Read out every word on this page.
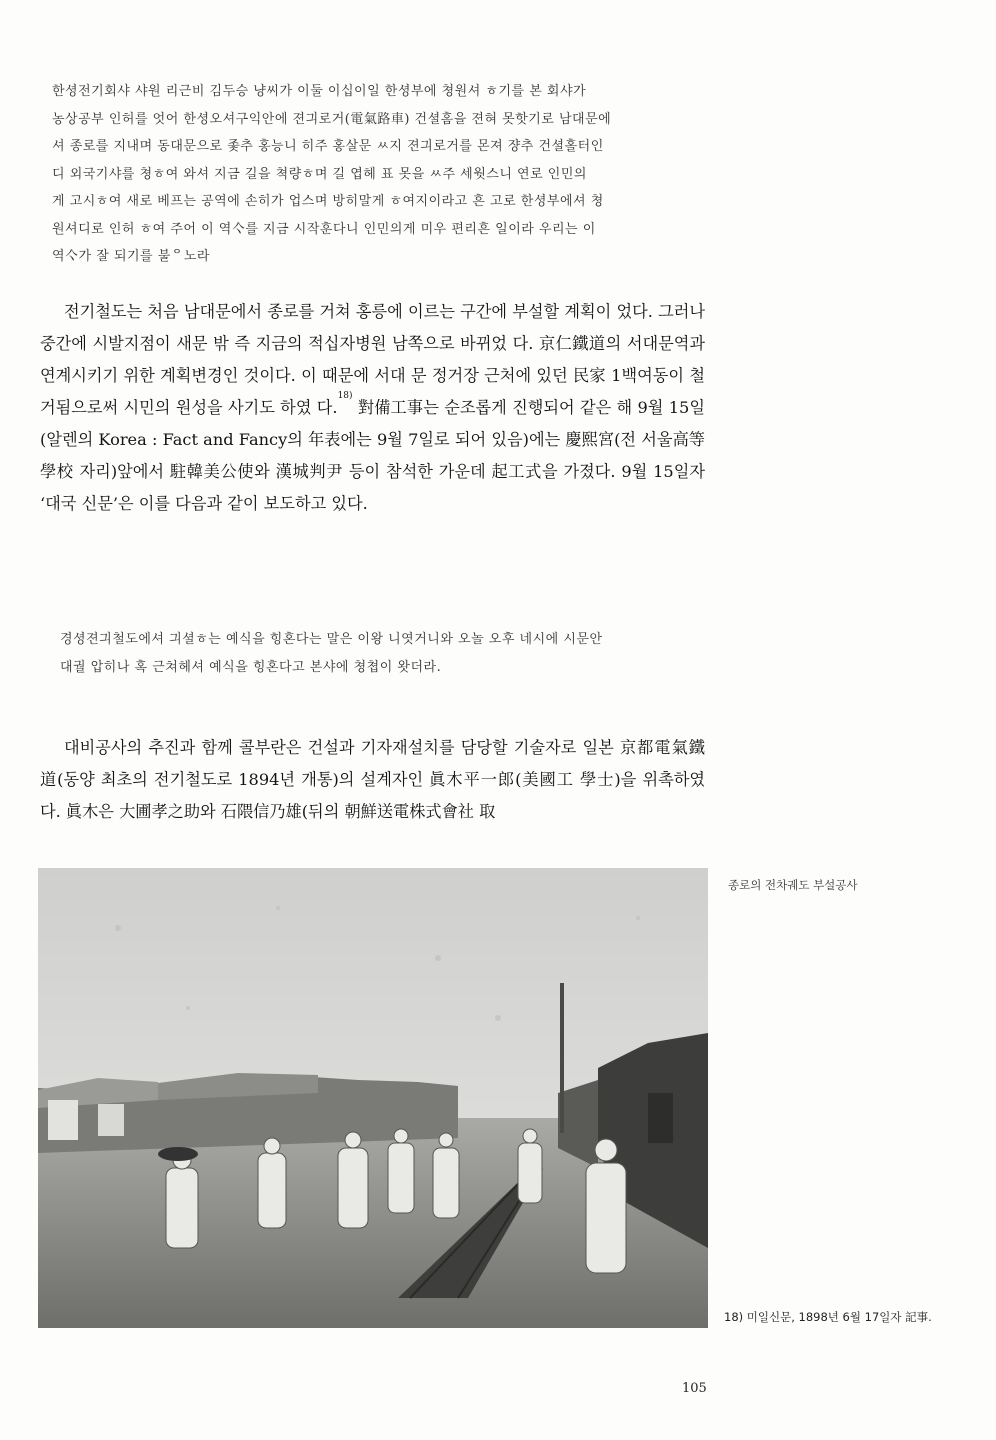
한셩전기회샤 샤원 리근비 김두승 냥씨가 이둘 이십이일 한셩부에 쳥원셔 ㅎ기를 본 회샤가

농상공부 인허를 엇어 한셩오셔구익안에 젼긔로거(電氣路車) 건셜홈을 젼혀 못핫기로 남대문에

셔 종로를 지내며 동대문으로 좇추 홍능니 히주 홍살문 ㅆ지 젼긔로거를 몬져 쟝추 건셜홀터인

디 외국기샤를 쳥ㅎ여 와셔 지금 길을 쳑량ㅎ며 길 엽헤 표 못을 ㅆ주 세웟스니 연로 인민의

게 고시ㅎ여 새로 베프는 공역에 손히가 업스며 방히말게 ㅎ여지이라고 흔 고로 한셩부에셔 쳥

원셔디로 인허 ㅎ여 주어 이 역亽를 지금 시작훈다니 인민의게 미우 편리흔 일이라 우리는 이

역亽가 잘 되기를 불ᄋ노라

전기철도는 처음 남대문에서 종로를 거쳐 홍릉에 이르는 구간에 부설할 계획이 었다. 그러나 중간에 시발지점이 새문 밖 즉 지금의 적십자병원 남쪽으로 바뀌었 다. 京仁鐵道의 서대문역과 연계시키기 위한 계획변경인 것이다. 이 때문에 서대 문 정거장 근처에 있던 民家 1백여동이 철거됨으로써 시민의 원성을 사기도 하였 다.$^{18)}$ 對備工事는 순조롭게 진행되어 같은 해 9월 15일(알렌의 Korea : Fact and Fancy의 年表에는 9월 7일로 되어 있음)에는 慶熙宮(전 서울高等學校 자리)앞에서 駐韓美公使와 漢城判尹 등이 참석한 가운데 起工式을 가졌다. 9월 15일자 ‘대국 신문’은 이를 다음과 같이 보도하고 있다.

경셩젼긔철도에셔 긔셜ㅎ는 예식을 힝혼다는 말은 이왕 니엿거니와 오놀 오후 네시에 시문안

대궐 압히나 혹 근쳐헤셔 예식을 힝혼다고 본샤에 쳥쳡이 왓더라.

대비공사의 추진과 함께 콜부란은 건설과 기자재설치를 담당할 기술자로 일본 京都電氣鐵道(동양 최초의 전기철도로 1894년 개통)의 설계자인 眞木平一郎(美國工 學士)을 위촉하였다. 眞木은 大圃孝之助와 石隈信乃雄(뒤의 朝鮮送電株式會社 取

종로의 전차궤도 부설공사
18) 미일신문, 1898년 6월 17일자 記事.
105
